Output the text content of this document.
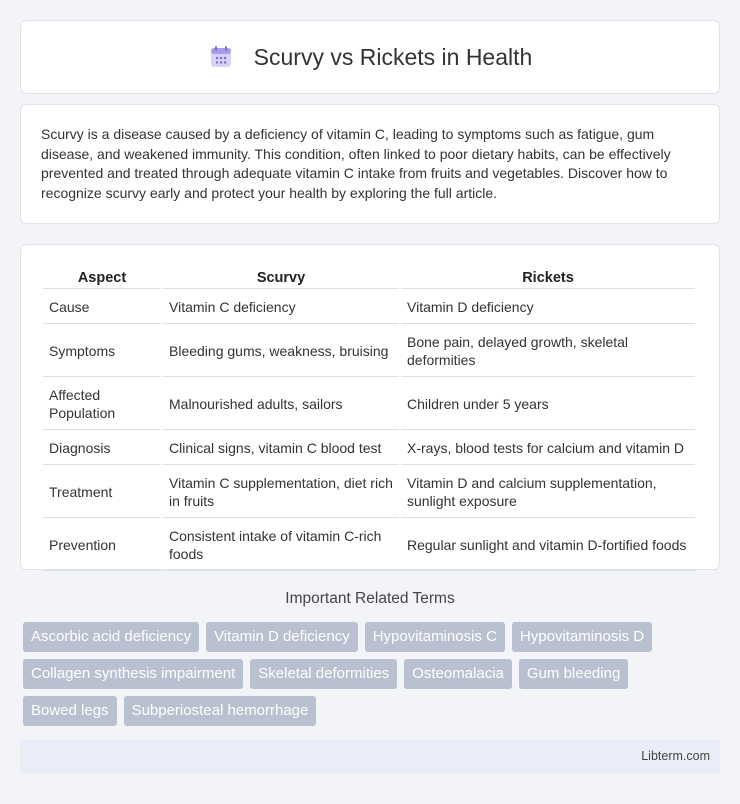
Scurvy vs Rickets in Health

Scurvy is a disease caused by a deficiency of vitamin C, leading to symptoms such as fatigue, gum disease, and weakened immunity. This condition, often linked to poor dietary habits, can be effectively prevented and treated through adequate vitamin C intake from fruits and vegetables. Discover how to recognize scurvy early and protect your health by exploring the full article.

Aspect	Scurvy	Rickets
Cause	Vitamin C deficiency	Vitamin D deficiency
Symptoms	Bleeding gums, weakness, bruising	Bone pain, delayed growth, skeletal deformities
Affected Population	Malnourished adults, sailors	Children under 5 years
Diagnosis	Clinical signs, vitamin C blood test	X-rays, blood tests for calcium and vitamin D
Treatment	Vitamin C supplementation, diet rich in fruits	Vitamin D and calcium supplementation, sunlight exposure
Prevention	Consistent intake of vitamin C-rich foods	Regular sunlight and vitamin D-fortified foods
Important Related Terms
Ascorbic acid deficiency	Vitamin D deficiency	Hypovitaminosis C	Hypovitaminosis D
Collagen synthesis impairment	Skeletal deformities	Osteomalacia	Gum bleeding
Bowed legs	Subperiosteal hemorrhage
Libterm.com
